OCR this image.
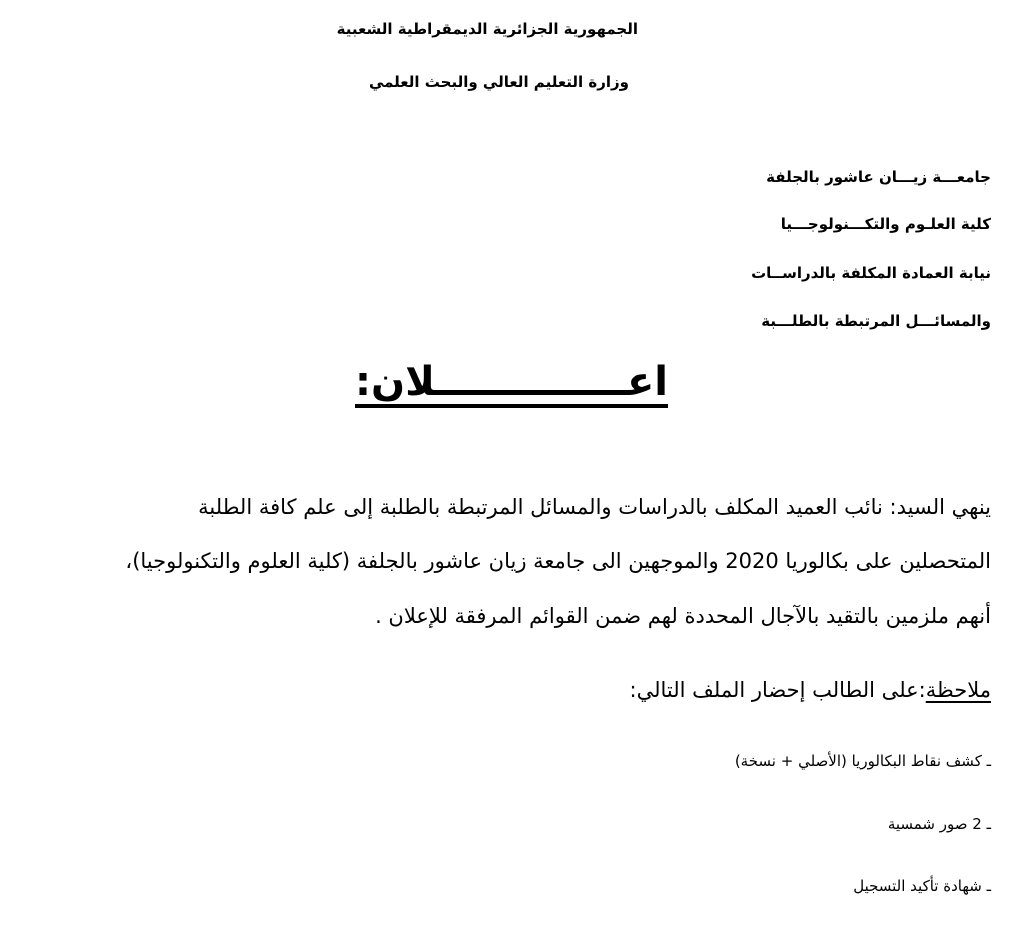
الجمهورية الجزائرية الديمقراطية الشعبية

وزارة التعليم العالي والبحث العلمي

جامعـــة زيـــان عاشور بالجلفة

كلية العلـوم والتكـــنولوجـــيا

نيابة العمادة المكلفة بالدراســات

والمسائـــل المرتبطة بالطلـــبة

اعــــــــــــــلان:

ينهي السيد: نائب العميد المكلف بالدراسات والمسائل المرتبطة بالطلبة إلى علم كافة الطلبة

المتحصلين على بكالوريا 2020 والموجهين الى جامعة زيان عاشور بالجلفة (كلية العلوم والتكنولوجيا)،

أنهم ملزمين بالتقيد بالآجال المحددة لهم ضمن القوائم المرفقة للإعلان .

ملاحظة:على الطالب إحضار الملف التالي:

ـ كشف نقاط البكالوريا (الأصلي + نسخة)

ـ 2 صور شمسية

ـ شهادة تأكيد التسجيل
